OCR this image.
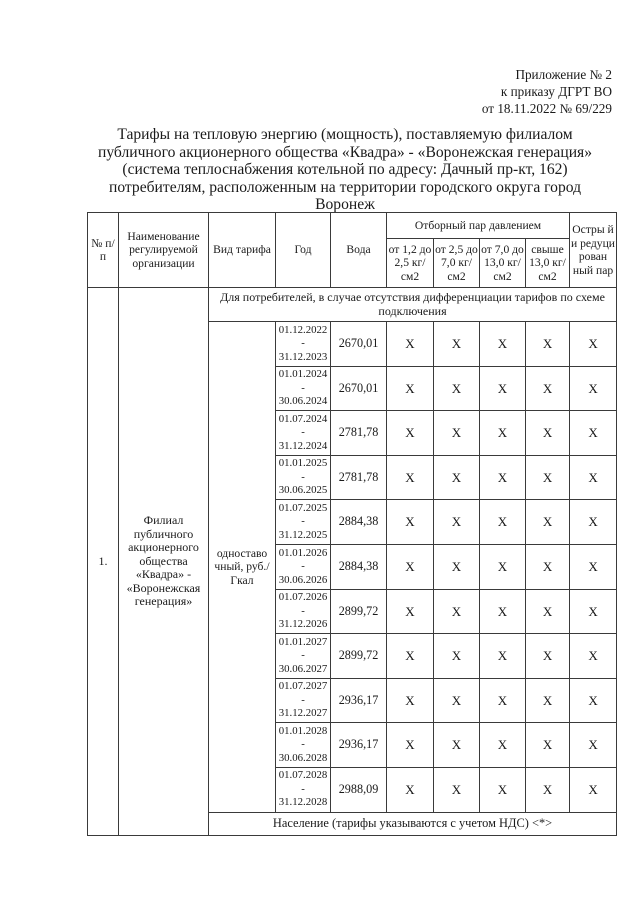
Приложение № 2
к приказу ДГРТ ВО
от 18.11.2022 № 69/229
Тарифы на тепловую энергию (мощность), поставляемую филиалом
публичного акционерного общества «Квадра» - «Воронежская генерация»
(система теплоснабжения котельной по адресу: Дачный пр-кт, 162)
потребителям, расположенным на территории городского округа город
Воронеж
№ п/п	Наименование регулируемой организации	Вид тарифа	Год	Вода	Отборный пар давлением				Остры й и редуци рован ный пар
					от 1,2 до 2,5 кг/см2	от 2,5 до 7,0 кг/см2	от 7,0 до 13,0 кг/см2	свыше 13,0 кг/см2	
1.	Филиал публичного акционерного общества «Квадра» - «Воронежская генерация»	Для потребителей, в случае отсутствия дифференциации тарифов по схеме подключения							
		одноставо чный, руб./Гкал	01.12.2022
-
31.12.2023	2670,01	X	X	X	X	X

			01.01.2024
-
30.06.2024	2670,01	X	X	X	X	X

			01.07.2024
-
31.12.2024	2781,78	X	X	X	X	X

			01.01.2025
-
30.06.2025	2781,78	X	X	X	X	X

			01.07.2025
-
31.12.2025	2884,38	X	X	X	X	X

			01.01.2026
-
30.06.2026	2884,38	X	X	X	X	X

			01.07.2026
-
31.12.2026	2899,72	X	X	X	X	X

			01.01.2027
-
30.06.2027	2899,72	X	X	X	X	X

			01.07.2027
-
31.12.2027	2936,17	X	X	X	X	X

			01.01.2028
-
30.06.2028	2936,17	X	X	X	X	X

			01.07.2028
-
31.12.2028	2988,09	X	X	X	X	X
		Население (тарифы указываются с учетом НДС) <*>							
